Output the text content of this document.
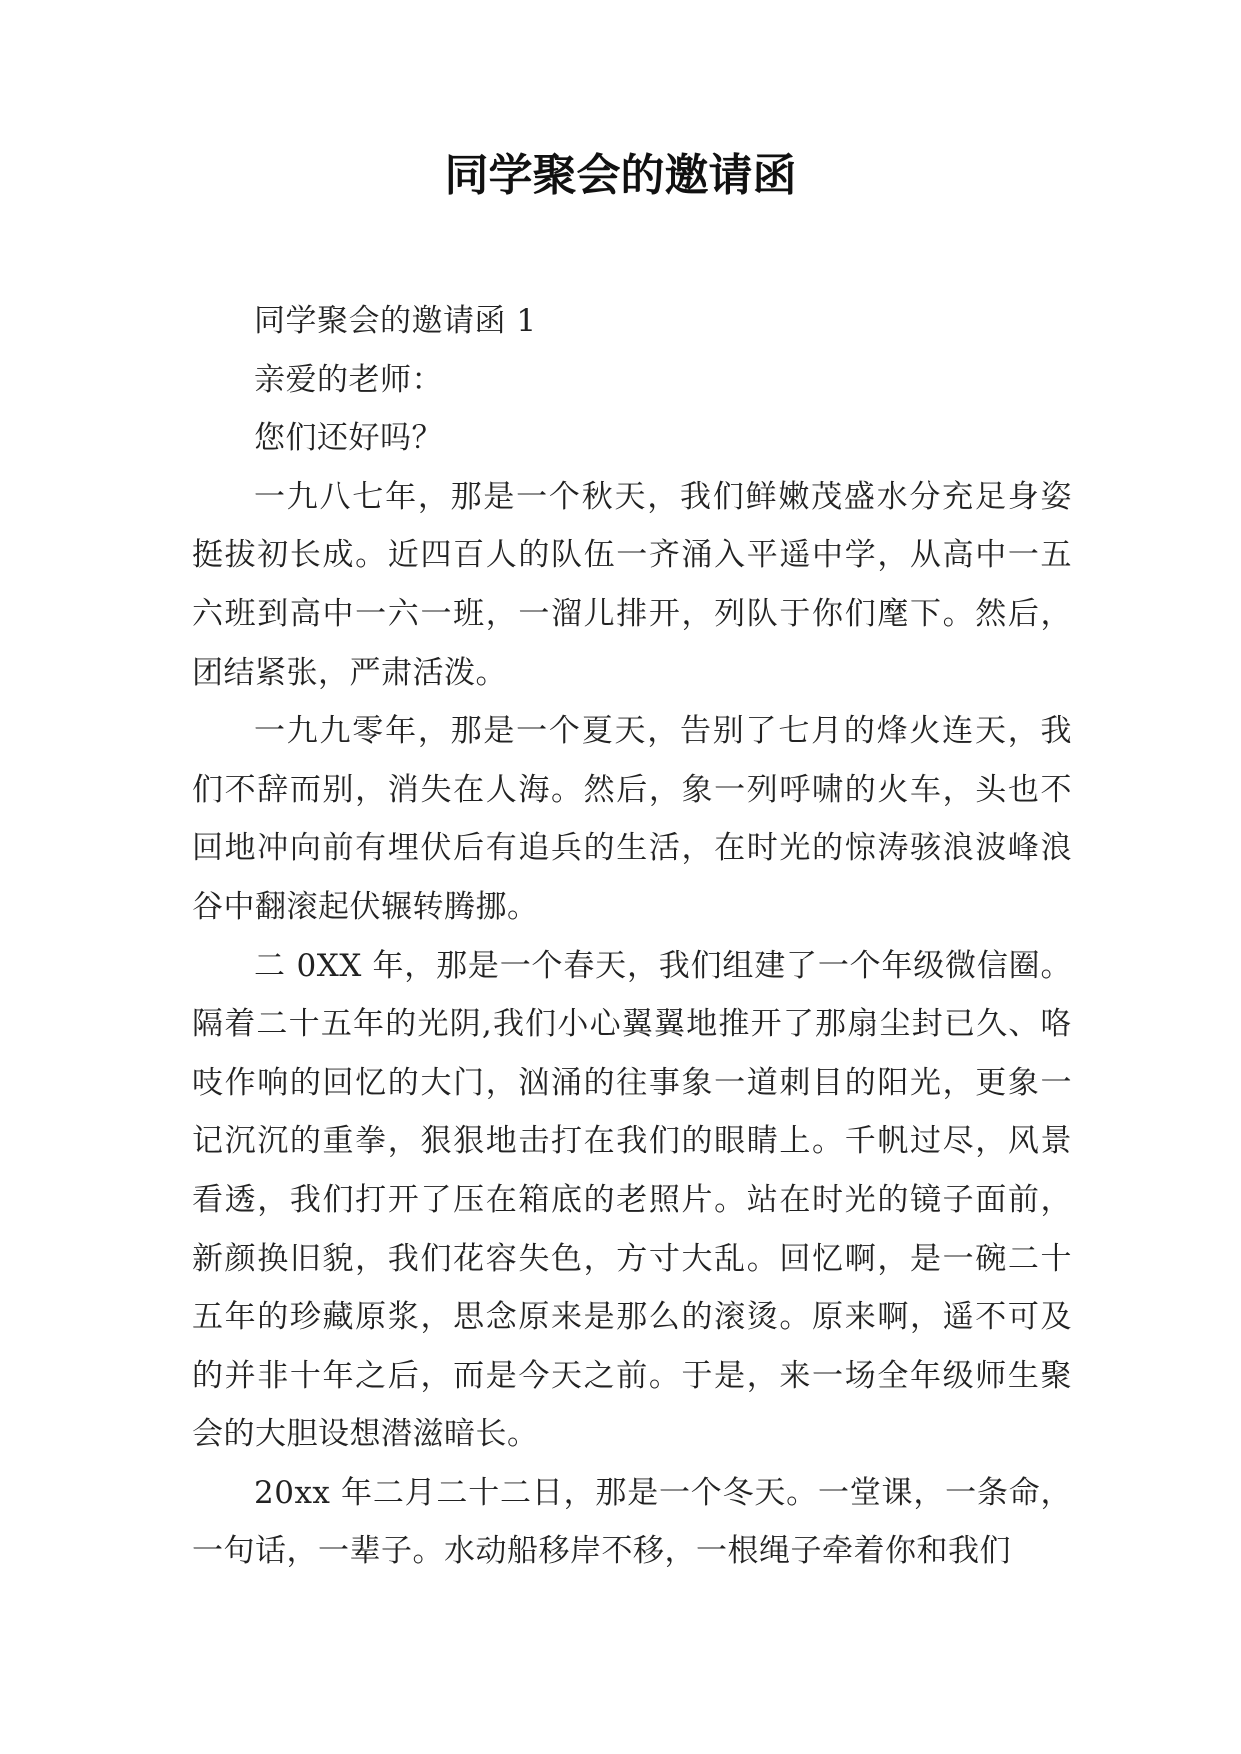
同学聚会的邀请函

同学聚会的邀请函 1

亲爱的老师：

您们还好吗？

一九八七年，那是一个秋天，我们鲜嫩茂盛水分充足身姿挺拔初长成。近四百人的队伍一齐涌入平遥中学，从高中一五六班到高中一六一班，一溜儿排开，列队于你们麾下。然后，团结紧张，严肃活泼。

一九九零年，那是一个夏天，告别了七月的烽火连天，我们不辞而别，消失在人海。然后，象一列呼啸的火车，头也不回地冲向前有埋伏后有追兵的生活，在时光的惊涛骇浪波峰浪谷中翻滚起伏辗转腾挪。

二 0XX 年，那是一个春天，我们组建了一个年级微信圈。隔着二十五年的光阴,我们小心翼翼地推开了那扇尘封已久、咯吱作响的回忆的大门，汹涌的往事象一道刺目的阳光，更象一记沉沉的重拳，狠狠地击打在我们的眼睛上。千帆过尽，风景看透，我们打开了压在箱底的老照片。站在时光的镜子面前，新颜换旧貌，我们花容失色，方寸大乱。回忆啊，是一碗二十五年的珍藏原浆，思念原来是那么的滚烫。原来啊，遥不可及的并非十年之后，而是今天之前。于是，来一场全年级师生聚会的大胆设想潜滋暗长。

20xx 年二月二十二日，那是一个冬天。一堂课，一条命，一句话，一辈子。水动船移岸不移，一根绳子牵着你和我们
